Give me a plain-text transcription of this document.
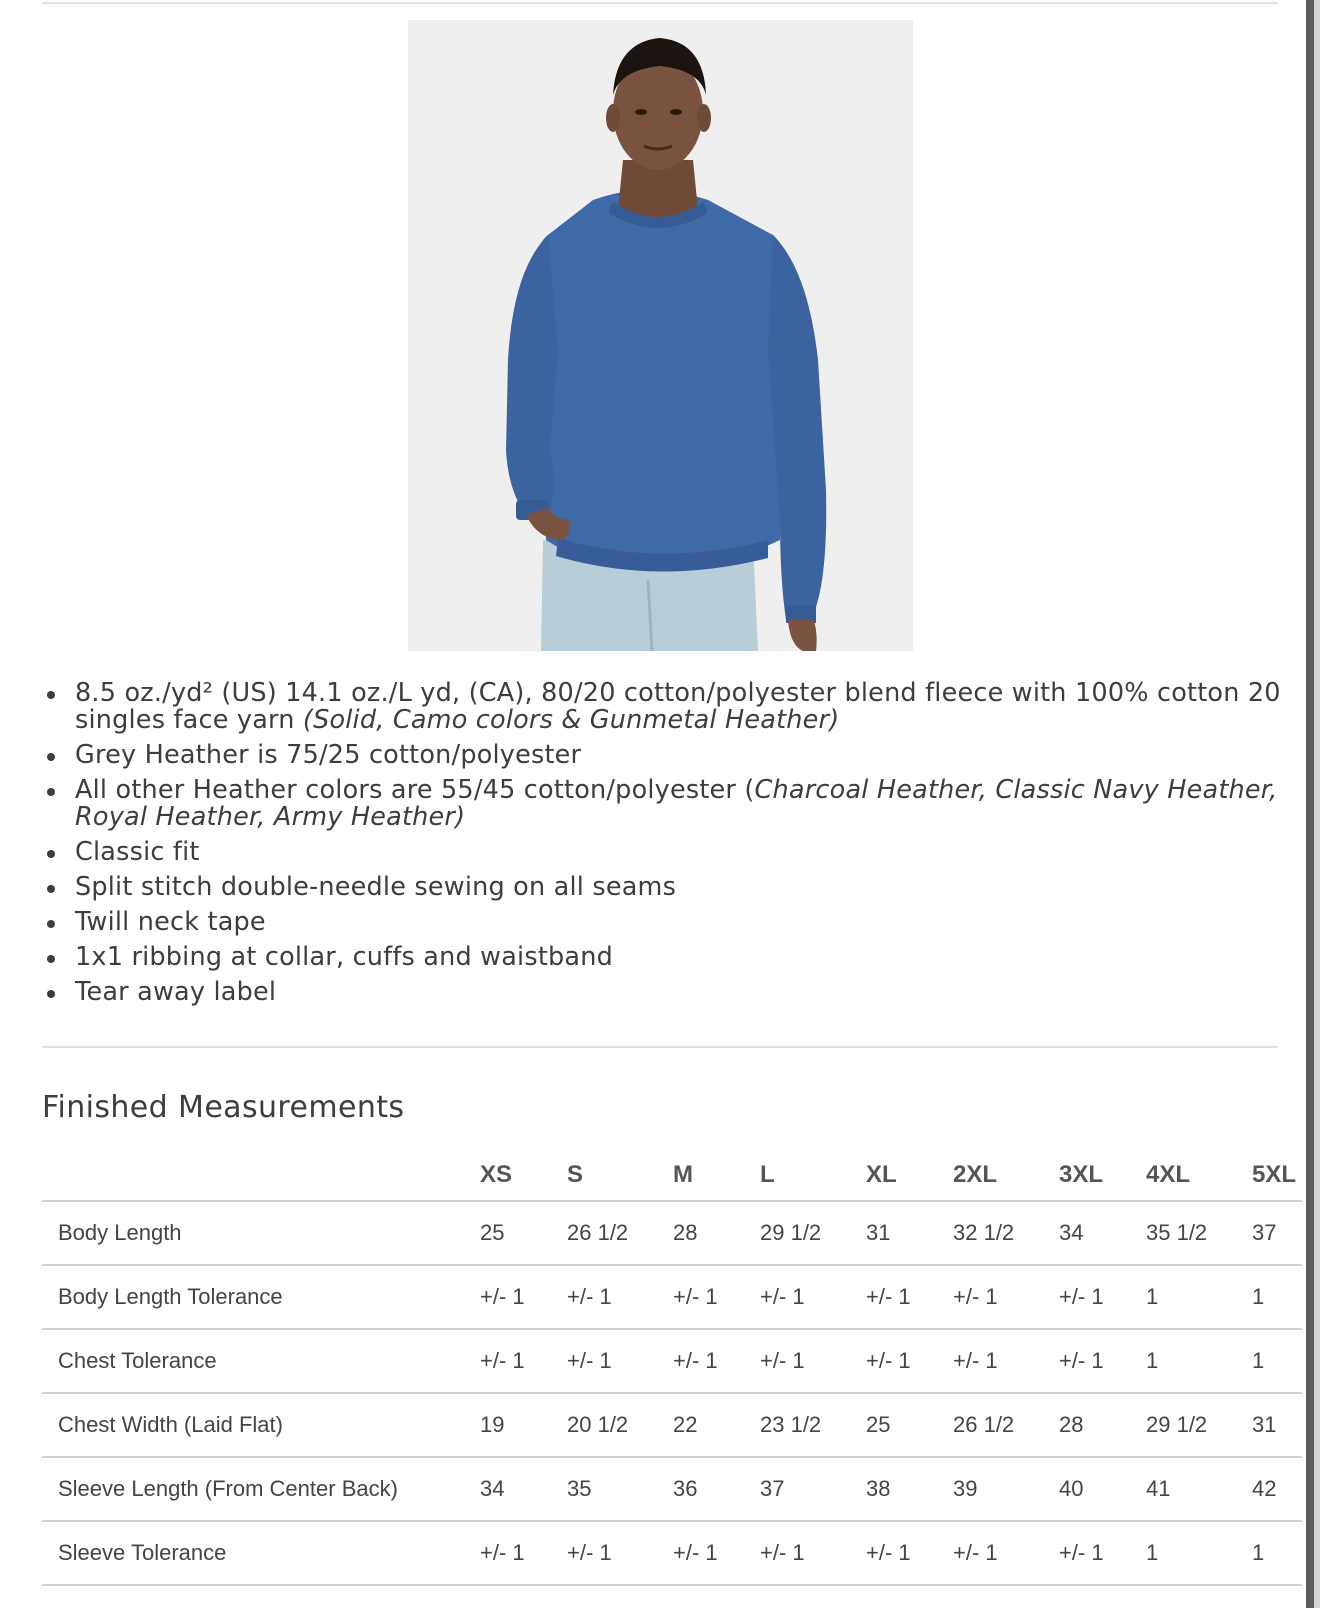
8.5 oz./yd² (US) 14.1 oz./L yd, (CA), 80/20 cotton/polyester blend fleece with 100% cotton 20 singles face yarn (Solid, Camo colors & Gunmetal Heather)
Grey Heather is 75/25 cotton/polyester
All other Heather colors are 55/45 cotton/polyester (Charcoal Heather, Classic Navy Heather, Royal Heather, Army Heather)
Classic fit
Split stitch double-needle sewing on all seams
Twill neck tape
1x1 ribbing at collar, cuffs and waistband
Tear away label
Finished Measurements
	XS	S	M	L	XL	2XL	3XL	4XL	5XL
Body Length	25	26 1/2	28	29 1/2	31	32 1/2	34	35 1/2	37
Body Length Tolerance	+/- 1	+/- 1	+/- 1	+/- 1	+/- 1	+/- 1	+/- 1	1	1
Chest Tolerance	+/- 1	+/- 1	+/- 1	+/- 1	+/- 1	+/- 1	+/- 1	1	1
Chest Width (Laid Flat)	19	20 1/2	22	23 1/2	25	26 1/2	28	29 1/2	31
Sleeve Length (From Center Back)	34	35	36	37	38	39	40	41	42
Sleeve Tolerance	+/- 1	+/- 1	+/- 1	+/- 1	+/- 1	+/- 1	+/- 1	1	1
